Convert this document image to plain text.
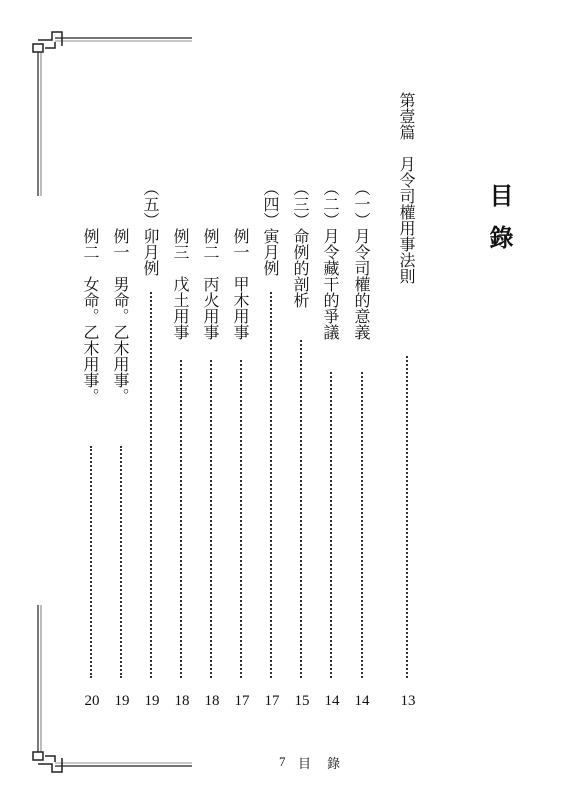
目錄
第壹篇　月令司權用事法則
13
（一）月令司權的意義
14
（二）月令藏干的爭議
14
（三）命例的剖析
15
（四）寅月例
17
例一　甲木用事
17
例二　丙火用事
18
例三　戊土用事
18
（五）卯月例
19
例一　男命。乙木用事。
19
例二　女命。乙木用事。
20
7 目 錄
